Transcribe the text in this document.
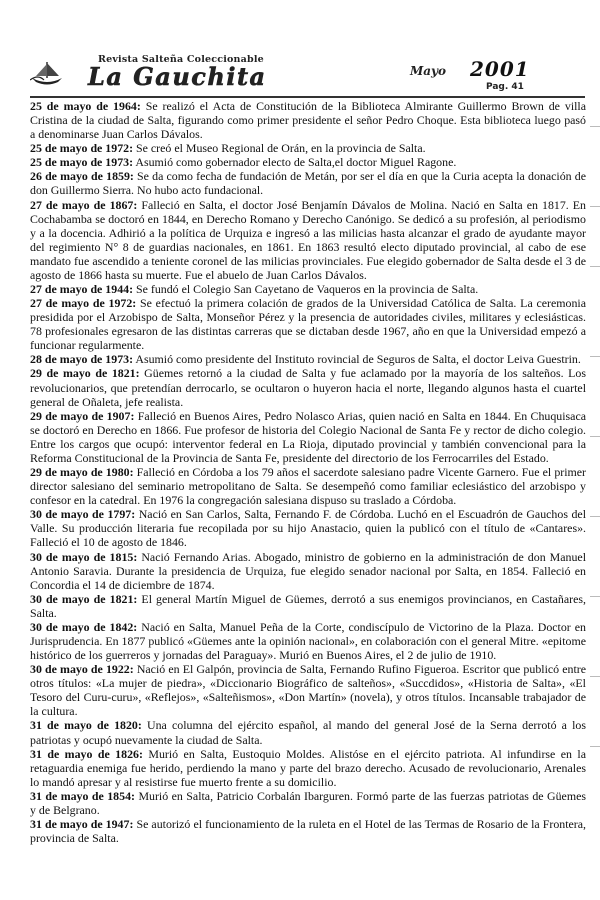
Revista Salteña Coleccionable
La Gauchita	Mayo 2001
Pag. 41

25 de mayo de 1964: Se realizó el Acta de Constitución de la Biblioteca Almirante Guillermo Brown de villa Cristina de la ciudad de Salta, figurando como primer presidente el señor Pedro Choque. Esta biblioteca luego pasó a denominarse Juan Carlos Dávalos.

25 de mayo de 1972: Se creó el Museo Regional de Orán, en la provincia de Salta.

25 de mayo de 1973: Asumió como gobernador electo de Salta,el doctor Miguel Ragone.

26 de mayo de 1859: Se da como fecha de fundación de Metán, por ser el día en que la Curia acepta la donación de don Guillermo Sierra. No hubo acto fundacional.

27 de mayo de 1867: Falleció en Salta, el doctor José Benjamín Dávalos de Molina. Nació en Salta en 1817. En Cochabamba se doctoró en 1844, en Derecho Romano y Derecho Canónigo. Se dedicó a su profesión, al periodismo y a la docencia. Adhirió a la política de Urquiza e ingresó a las milicias hasta alcanzar el grado de ayudante mayor del regimiento N° 8 de guardias nacionales, en 1861. En 1863 resultó electo diputado provincial, al cabo de ese mandato fue ascendido a teniente coronel de las milicias provinciales. Fue elegido gobernador de Salta desde el 3 de agosto de 1866 hasta su muerte. Fue el abuelo de Juan Carlos Dávalos.

27 de mayo de 1944: Se fundó el Colegio San Cayetano de Vaqueros en la provincia de Salta.

27 de mayo de 1972: Se efectuó la primera colación de grados de la Universidad Católica de Salta. La ceremonia presidida por el Arzobispo de Salta, Monseñor Pérez y la presencia de autoridades civiles, militares y eclesiásticas. 78 profesionales egresaron de las distintas carreras que se dictaban desde 1967, año en que la Universidad empezó a funcionar regularmente.

28 de mayo de 1973: Asumió como presidente del Instituto rovincial de Seguros de Salta, el doctor Leiva Guestrin.

29 de mayo de 1821: Güemes retornó a la ciudad de Salta y fue aclamado por la mayoría de los salteños. Los revolucionarios, que pretendían derrocarlo, se ocultaron o huyeron hacia el norte, llegando algunos hasta el cuartel general de Oñaleta, jefe realista.

29 de mayo de 1907: Falleció en Buenos Aires, Pedro Nolasco Arias, quien nació en Salta en 1844. En Chuquisaca se doctoró en Derecho en 1866. Fue profesor de historia del Colegio Nacional de Santa Fe y rector de dicho colegio. Entre los cargos que ocupó: interventor federal en La Rioja, diputado provincial y también convencional para la Reforma Constitucional de la Provincia de Santa Fe, presidente del directorio de los Ferrocarriles del Estado.

29 de mayo de 1980: Falleció en Córdoba a los 79 años el sacerdote salesiano padre Vicente Garnero. Fue el primer director salesiano del seminario metropolitano de Salta. Se desempeñó como familiar eclesiástico del arzobispo y confesor en la catedral. En 1976 la congregación salesiana dispuso su traslado a Córdoba.

30 de mayo de 1797: Nació en San Carlos, Salta, Fernando F. de Córdoba. Luchó en el Escuadrón de Gauchos del Valle. Su producción literaria fue recopilada por su hijo Anastacio, quien la publicó con el título de «Cantares». Falleció el 10 de agosto de 1846.

30 de mayo de 1815: Nació Fernando Arias. Abogado, ministro de gobierno en la administración de don Manuel Antonio Saravia. Durante la presidencia de Urquiza, fue elegido senador nacional por Salta, en 1854. Falleció en Concordia el 14 de diciembre de 1874.

30 de mayo de 1821: El general Martín Miguel de Güemes, derrotó a sus enemigos provincianos, en Castañares, Salta.

30 de mayo de 1842: Nació en Salta, Manuel Peña de la Corte, condiscípulo de Victorino de la Plaza. Doctor en Jurisprudencia. En 1877 publicó «Güemes ante la opinión nacional», en colaboración con el general Mitre. «epitome histórico de los guerreros y jornadas del Paraguay». Murió en Buenos Aires, el 2 de julio de 1910.

30 de mayo de 1922: Nació en El Galpón, provincia de Salta, Fernando Rufino Figueroa. Escritor que publicó entre otros títulos: «La mujer de piedra», «Diccionario Biográfico de salteños», «Succdidos», «Historia de Salta», «El Tesoro del Curu-curu», «Reflejos», «Salteñismos», «Don Martín» (novela), y otros títulos. Incansable trabajador de la cultura.

31 de mayo de 1820: Una columna del ejército español, al mando del general José de la Serna derrotó a los patriotas y ocupó nuevamente la ciudad de Salta.

31 de mayo de 1826: Murió en Salta, Eustoquio Moldes. Alistóse en el ejército patriota. Al infundirse en la retaguardia enemiga fue herido, perdiendo la mano y parte del brazo derecho. Acusado de revolucionario, Arenales lo mandó apresar y al resistirse fue muerto frente a su domicilio.

31 de mayo de 1854: Murió en Salta, Patricio Corbalán Ibarguren. Formó parte de las fuerzas patriotas de Güemes y de Belgrano.

31 de mayo de 1947: Se autorizó el funcionamiento de la ruleta en el Hotel de las Termas de Rosario de la Frontera, provincia de Salta.
